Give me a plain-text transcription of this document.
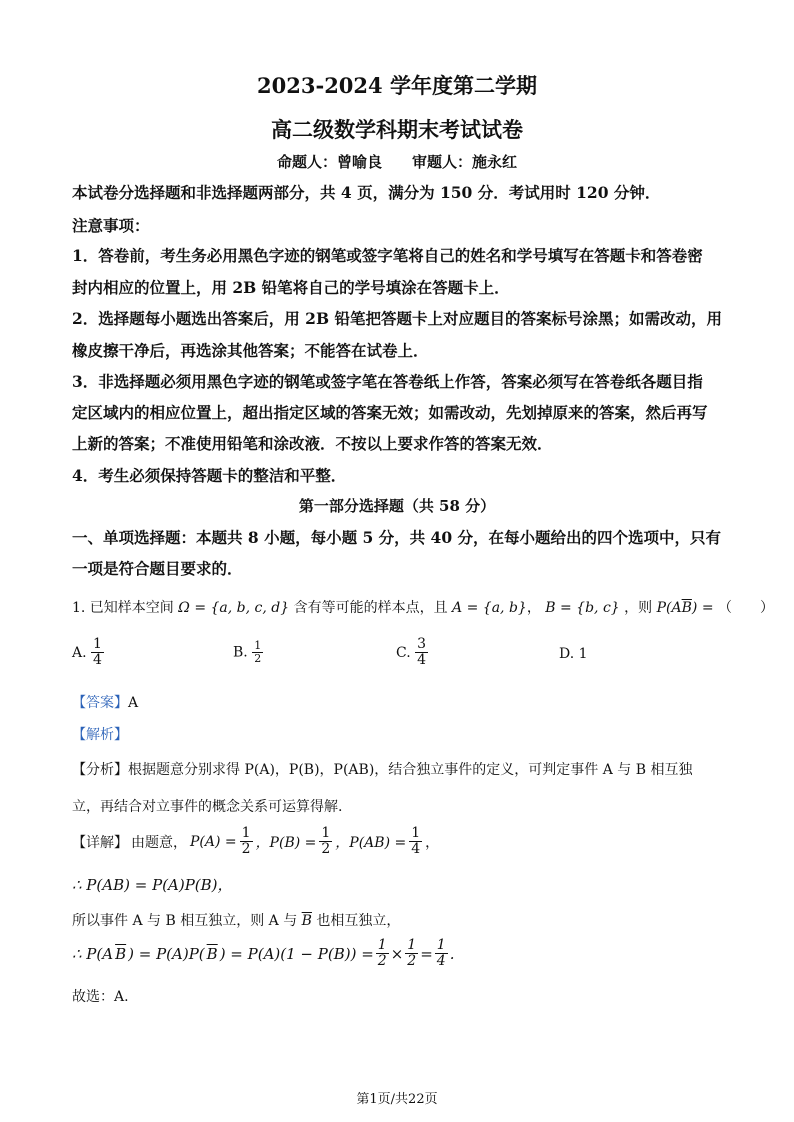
2023-2024 学年度第二学期
高二级数学科期末考试试卷
命题人：曾喻良　　审题人：施永红
本试卷分选择题和非选择题两部分，共 4 页，满分为 150 分．考试用时 120 分钟．
注意事项：
1．答卷前，考生务必用黑色字迹的钢笔或签字笔将自己的姓名和学号填写在答题卡和答卷密
封内相应的位置上，用 2B 铅笔将自己的学号填涂在答题卡上．
2．选择题每小题选出答案后，用 2B 铅笔把答题卡上对应题目的答案标号涂黑；如需改动，用
橡皮擦干净后，再选涂其他答案；不能答在试卷上．
3．非选择题必须用黑色字迹的钢笔或签字笔在答卷纸上作答，答案必须写在答卷纸各题目指
定区域内的相应位置上，超出指定区域的答案无效；如需改动，先划掉原来的答案，然后再写
上新的答案；不准使用铅笔和涂改液．不按以上要求作答的答案无效．
4．考生必须保持答题卡的整洁和平整．
第一部分选择题（共 58 分）
一、单项选择题：本题共 8 小题，每小题 5 分，共 40 分，在每小题给出的四个选项中，只有
一项是符合题目要求的．
1. 已知样本空间 Ω = {a, b, c, d} 含有等可能的样本点，且 A = {a, b}， B = {b, c} ，则 $P(A\overline{B})$ = （　　）
A. $\frac{1}{4}$	B. $\frac{1}{2}$	C. $\frac{3}{4}$	D. 1
【答案】A
【解析】
【分析】根据题意分别求得 P(A)，P(B)，P(AB)，结合独立事件的定义，可判定事件 A 与 B 相互独
立，再结合对立事件的概念关系可运算得解.
【详解】 由题意， $P(A) = \frac{1}{2}$ ，$P(B) = \frac{1}{2}$ ，$P(AB) = \frac{1}{4}$ ，
∴ P(AB) = P(A)P(B)，
所以事件 A 与 B 相互独立，则 A 与 $\overline{B}$ 也相互独立，
∴ P(A $\overline{B}$ ) = P(A)P( $\overline{B}$ ) = $P(A)(1 - P(B)) = \frac{1}{2} \times \frac{1}{2} = \frac{1}{4}$ .
故选：A.
第1页/共22页
